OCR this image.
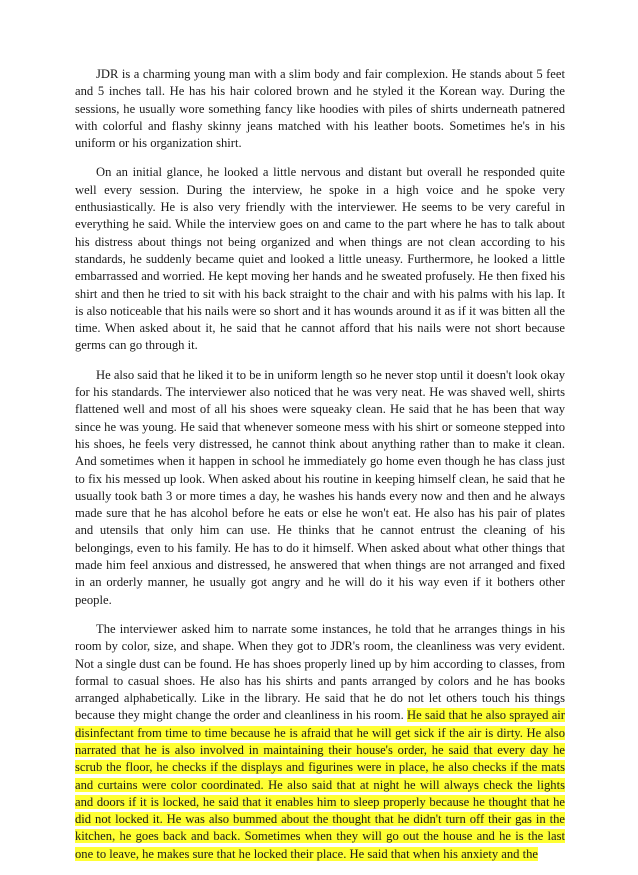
JDR is a charming young man with a slim body and fair complexion. He stands about 5 feet and 5 inches tall. He has his hair colored brown and he styled it the Korean way. During the sessions, he usually wore something fancy like hoodies with piles of shirts underneath patnered with colorful and flashy skinny jeans matched with his leather boots. Sometimes he's in his uniform or his organization shirt.

On an initial glance, he looked a little nervous and distant but overall he responded quite well every session. During the interview, he spoke in a high voice and he spoke very enthusiastically. He is also very friendly with the interviewer. He seems to be very careful in everything he said. While the interview goes on and came to the part where he has to talk about his distress about things not being organized and when things are not clean according to his standards, he suddenly became quiet and looked a little uneasy. Furthermore, he looked a little embarrassed and worried. He kept moving her hands and he sweated profusely. He then fixed his shirt and then he tried to sit with his back straight to the chair and with his palms with his lap. It is also noticeable that his nails were so short and it has wounds around it as if it was bitten all the time. When asked about it, he said that he cannot afford that his nails were not short because germs can go through it.

He also said that he liked it to be in uniform length so he never stop until it doesn't look okay for his standards. The interviewer also noticed that he was very neat. He was shaved well, shirts flattened well and most of all his shoes were squeaky clean. He said that he has been that way since he was young. He said that whenever someone mess with his shirt or someone stepped into his shoes, he feels very distressed, he cannot think about anything rather than to make it clean. And sometimes when it happen in school he immediately go home even though he has class just to fix his messed up look. When asked about his routine in keeping himself clean, he said that he usually took bath 3 or more times a day, he washes his hands every now and then and he always made sure that he has alcohol before he eats or else he won't eat. He also has his pair of plates and utensils that only him can use. He thinks that he cannot entrust the cleaning of his belongings, even to his family. He has to do it himself. When asked about what other things that made him feel anxious and distressed, he answered that when things are not arranged and fixed in an orderly manner, he usually got angry and he will do it his way even if it bothers other people.

The interviewer asked him to narrate some instances, he told that he arranges things in his room by color, size, and shape. When they got to JDR's room, the cleanliness was very evident. Not a single dust can be found. He has shoes properly lined up by him according to classes, from formal to casual shoes. He also has his shirts and pants arranged by colors and he has books arranged alphabetically. Like in the library. He said that he do not let others touch his things because they might change the order and cleanliness in his room. He said that he also sprayed air disinfectant from time to time because he is afraid that he will get sick if the air is dirty. He also narrated that he is also involved in maintaining their house's order, he said that every day he scrub the floor, he checks if the displays and figurines were in place, he also checks if the mats and curtains were color coordinated. He also said that at night he will always check the lights and doors if it is locked, he said that it enables him to sleep properly because he thought that he did not locked it. He was also bummed about the thought that he didn't turn off their gas in the kitchen, he goes back and back. Sometimes when they will go out the house and he is the last one to leave, he makes sure that he locked their place. He said that when his anxiety and the
